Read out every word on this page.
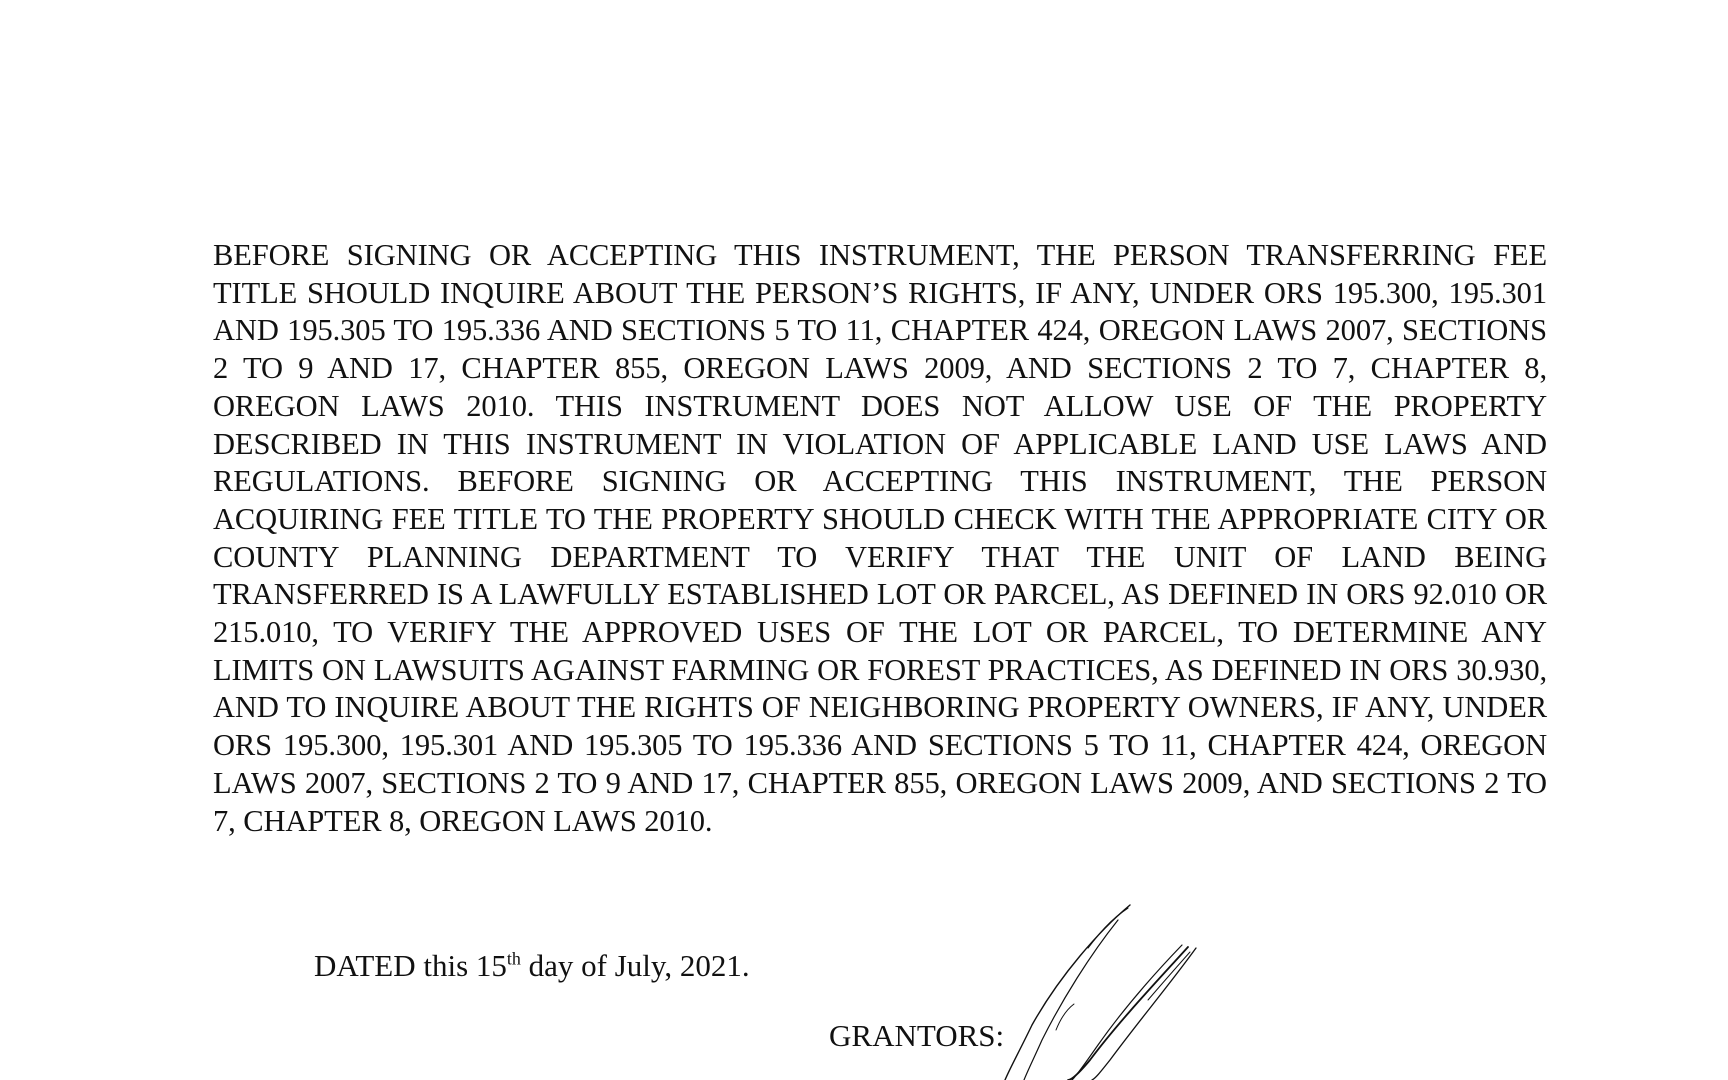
BEFORE SIGNING OR ACCEPTING THIS INSTRUMENT, THE PERSON TRANSFERRING FEE TITLE SHOULD INQUIRE ABOUT THE PERSON’S RIGHTS, IF ANY, UNDER ORS 195.300, 195.301 AND 195.305 TO 195.336 AND SECTIONS 5 TO 11, CHAPTER 424, OREGON LAWS 2007, SECTIONS 2 TO 9 AND 17, CHAPTER 855, OREGON LAWS 2009, AND SECTIONS 2 TO 7, CHAPTER 8, OREGON LAWS 2010. THIS INSTRUMENT DOES NOT ALLOW USE OF THE PROPERTY DESCRIBED IN THIS INSTRUMENT IN VIOLATION OF APPLICABLE LAND USE LAWS AND REGULATIONS. BEFORE SIGNING OR ACCEPTING THIS INSTRUMENT, THE PERSON ACQUIRING FEE TITLE TO THE PROPERTY SHOULD CHECK WITH THE APPROPRIATE CITY OR COUNTY PLANNING DEPARTMENT TO VERIFY THAT THE UNIT OF LAND BEING TRANSFERRED IS A LAWFULLY ESTABLISHED LOT OR PARCEL, AS DEFINED IN ORS 92.010 OR 215.010, TO VERIFY THE APPROVED USES OF THE LOT OR PARCEL, TO DETERMINE ANY LIMITS ON LAWSUITS AGAINST FARMING OR FOREST PRACTICES, AS DEFINED IN ORS 30.930, AND TO INQUIRE ABOUT THE RIGHTS OF NEIGHBORING PROPERTY OWNERS, IF ANY, UNDER ORS 195.300, 195.301 AND 195.305 TO 195.336 AND SECTIONS 5 TO 11, CHAPTER 424, OREGON LAWS 2007, SECTIONS 2 TO 9 AND 17, CHAPTER 855, OREGON LAWS 2009, AND SECTIONS 2 TO 7, CHAPTER 8, OREGON LAWS 2010.

DATED this 15th day of July, 2021.

GRANTORS:
